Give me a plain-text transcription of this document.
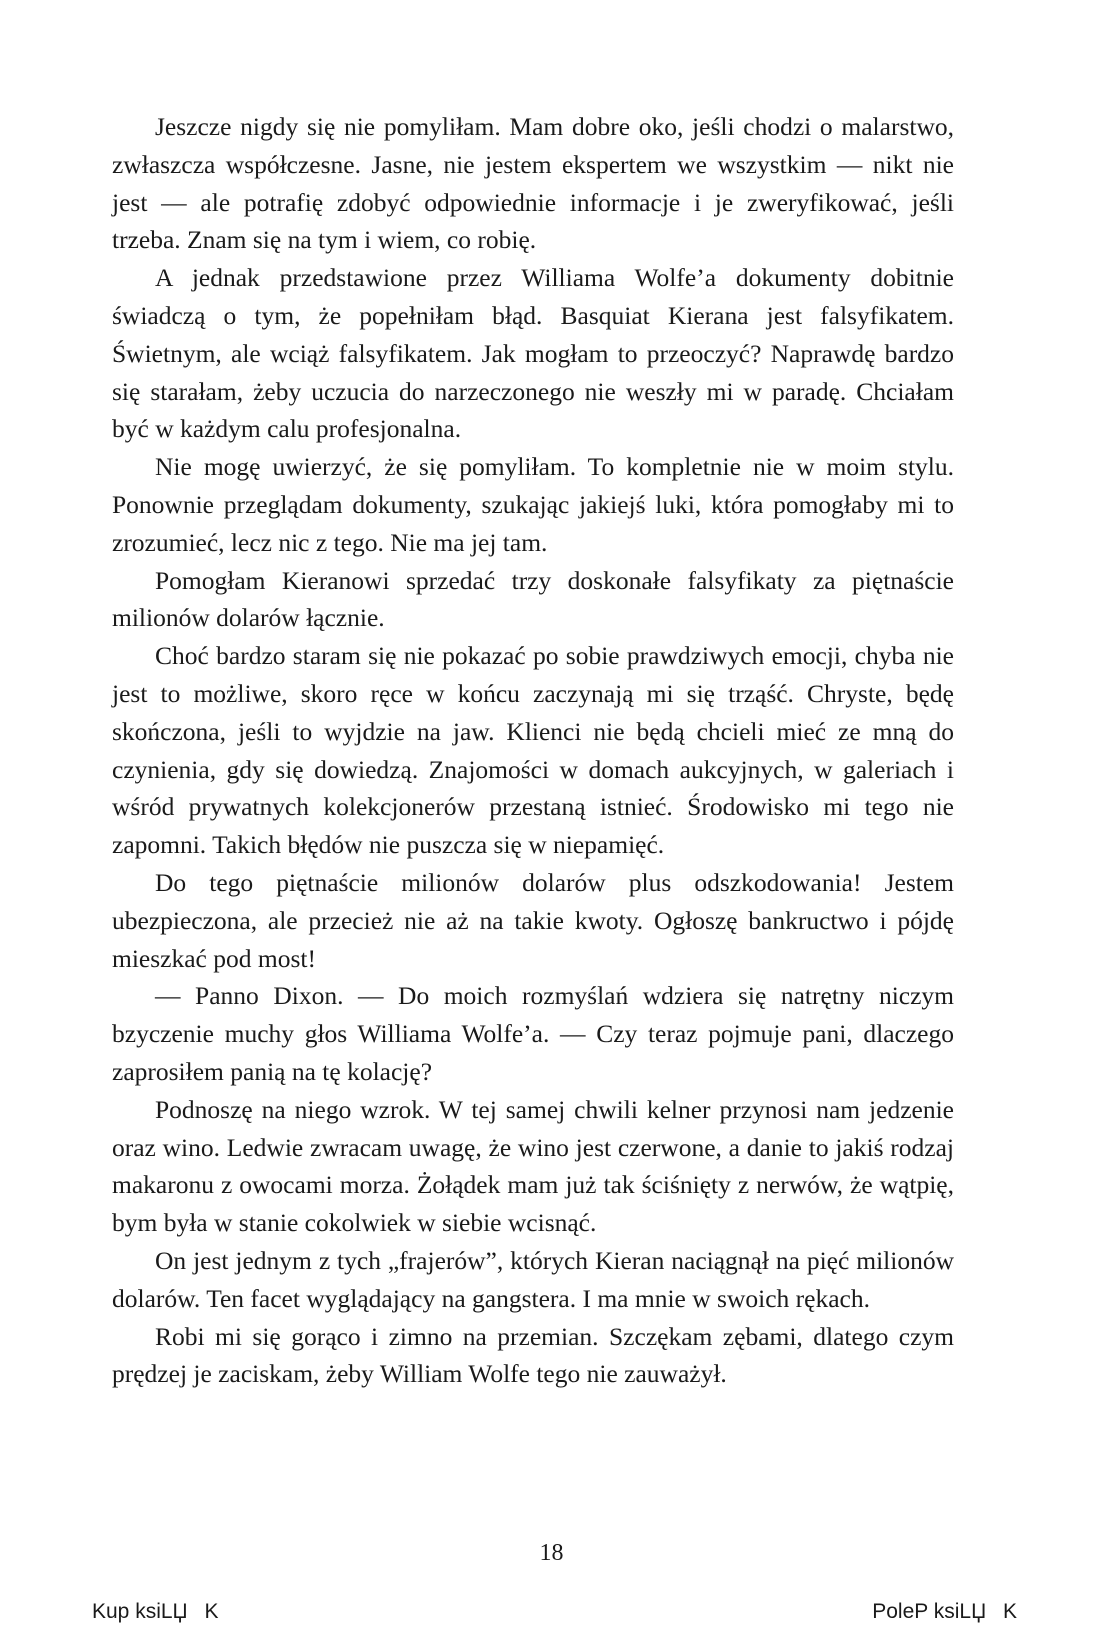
Jeszcze nigdy się nie pomyliłam. Mam dobre oko, jeśli chodzi o malarstwo, zwłaszcza współczesne. Jasne, nie jestem ekspertem we wszystkim — nikt nie jest — ale potrafię zdobyć odpowiednie informacje i je zweryfikować, jeśli trzeba. Znam się na tym i wiem, co robię.

A jednak przedstawione przez Williama Wolfe’a dokumenty dobitnie świadczą o tym, że popełniłam błąd. Basquiat Kierana jest falsyfikatem. Świetnym, ale wciąż falsyfikatem. Jak mogłam to przeoczyć? Naprawdę bardzo się starałam, żeby uczucia do narzeczonego nie weszły mi w paradę. Chciałam być w każdym calu profesjonalna.

Nie mogę uwierzyć, że się pomyliłam. To kompletnie nie w moim stylu. Ponownie przeglądam dokumenty, szukając jakiejś luki, która pomogłaby mi to zrozumieć, lecz nic z tego. Nie ma jej tam.

Pomogłam Kieranowi sprzedać trzy doskonałe falsyfikaty za piętnaście milionów dolarów łącznie.

Choć bardzo staram się nie pokazać po sobie prawdziwych emocji, chyba nie jest to możliwe, skoro ręce w końcu zaczynają mi się trząść. Chryste, będę skończona, jeśli to wyjdzie na jaw. Klienci nie będą chcieli mieć ze mną do czynienia, gdy się dowiedzą. Znajomości w domach aukcyjnych, w galeriach i wśród prywatnych kolekcjonerów przestaną istnieć. Środowisko mi tego nie zapomni. Takich błędów nie puszcza się w niepamięć.

Do tego piętnaście milionów dolarów plus odszkodowania! Jestem ubezpieczona, ale przecież nie aż na takie kwoty. Ogłoszę bankructwo i pójdę mieszkać pod most!

— Panno Dixon. — Do moich rozmyślań wdziera się natrętny niczym bzyczenie muchy głos Williama Wolfe’a. — Czy teraz pojmuje pani, dlaczego zaprosiłem panią na tę kolację?

Podnoszę na niego wzrok. W tej samej chwili kelner przynosi nam jedzenie oraz wino. Ledwie zwracam uwagę, że wino jest czerwone, a danie to jakiś rodzaj makaronu z owocami morza. Żołądek mam już tak ściśnięty z nerwów, że wątpię, bym była w stanie cokolwiek w siebie wcisnąć.

On jest jednym z tych „frajerów”, których Kieran naciągnął na pięć milionów dolarów. Ten facet wyglądający na gangstera. I ma mnie w swoich rękach.

Robi mi się gorąco i zimno na przemian. Szczękam zębami, dlatego czym prędzej je zaciskam, żeby William Wolfe tego nie zauważył.

18
Kup ksiLЏK	PoleP ksiLЏK
